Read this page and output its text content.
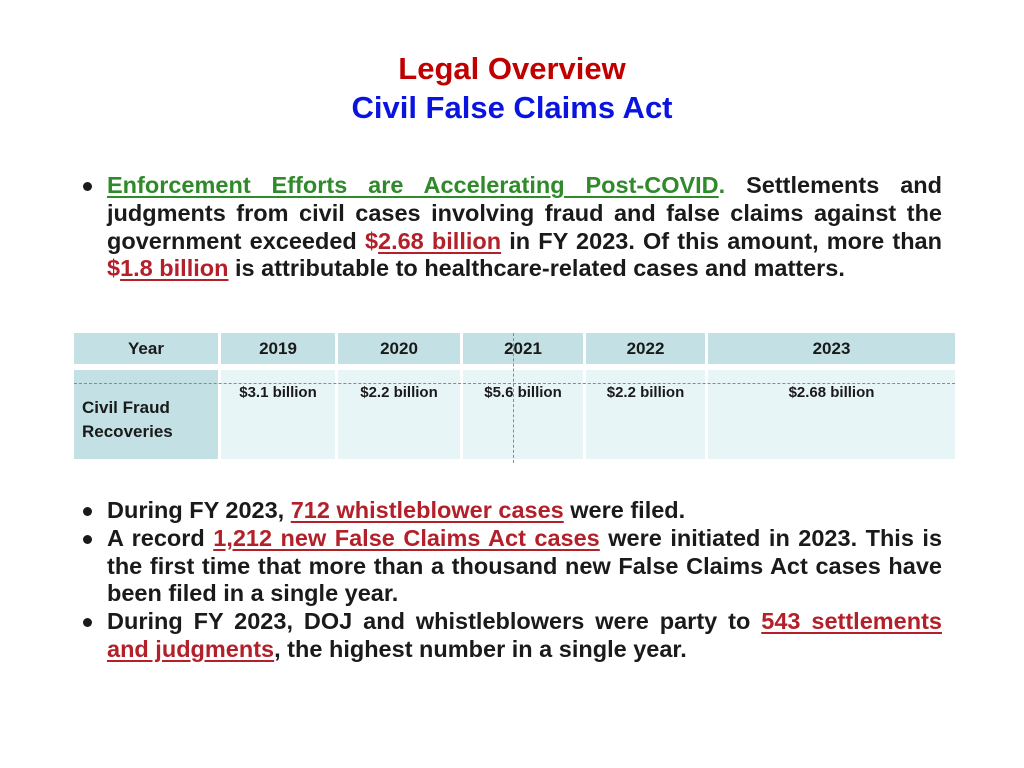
Legal Overview
Civil False Claims Act
Enforcement Efforts are Accelerating Post-COVID. Settlements and judgments from civil cases involving fraud and false claims against the government exceeded $2.68 billion in FY 2023. Of this amount, more than $1.8 billion is attributable to healthcare-related cases and matters.
Year	2019	2020	2021	2022	2023
Civil Fraud
Recoveries	$3.1 billion	$2.2 billion	$5.6 billion	$2.2 billion	$2.68 billion
During FY 2023, 712 whistleblower cases were filed.
A record 1,212 new False Claims Act cases were initiated in 2023. This is the first time that more than a thousand new False Claims Act cases have been filed in a single year.
During FY 2023, DOJ and whistleblowers were party to 543 settlements and judgments, the highest number in a single year.
